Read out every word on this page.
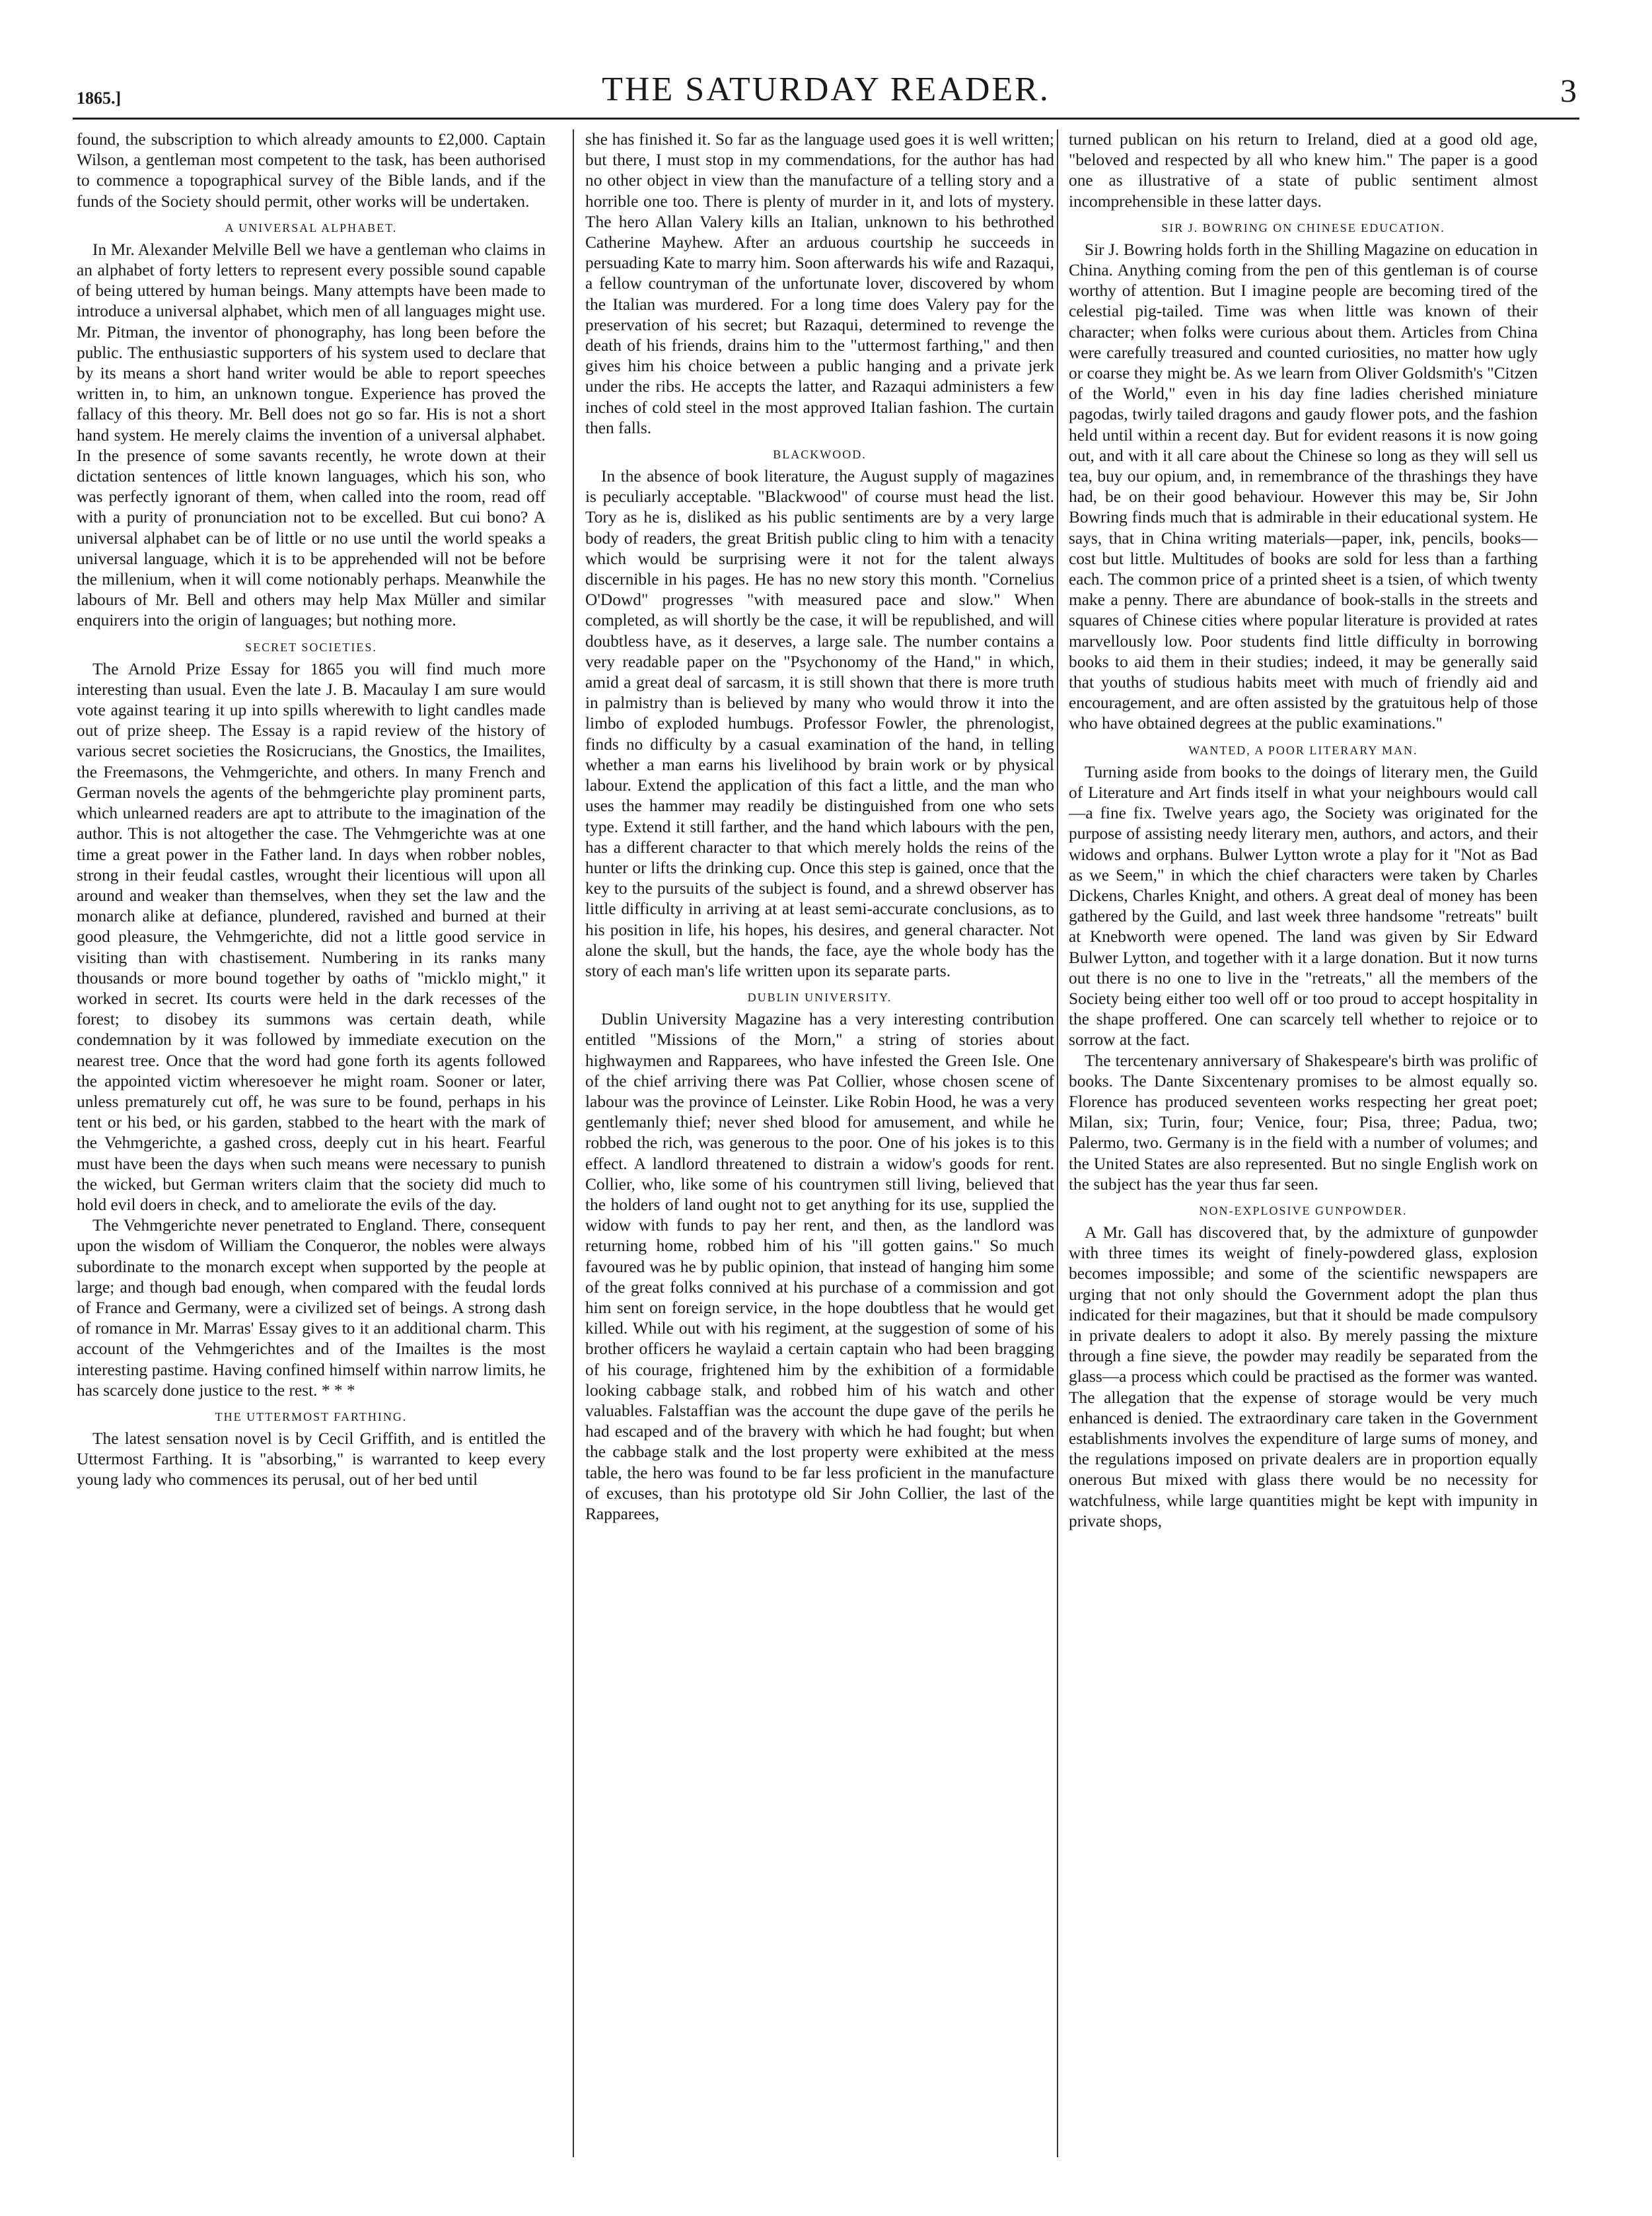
1865.]	THE SATURDAY READER.	3

found, the subscription to which already amounts to £2,000. Captain Wilson, a gentleman most competent to the task, has been authorised to commence a topographical survey of the Bible lands, and if the funds of the Society should permit, other works will be undertaken.

A UNIVERSAL ALPHABET.

In Mr. Alexander Melville Bell we have a gentleman who claims in an alphabet of forty letters to represent every possible sound capable of being uttered by human beings. Many attempts have been made to introduce a universal alphabet, which men of all languages might use. Mr. Pitman, the inventor of phonography, has long been before the public. The enthusiastic supporters of his system used to declare that by its means a short hand writer would be able to report speeches written in, to him, an unknown tongue. Experience has proved the fallacy of this theory. Mr. Bell does not go so far. His is not a short hand system. He merely claims the invention of a universal alphabet. In the presence of some savants recently, he wrote down at their dictation sentences of little known languages, which his son, who was perfectly ignorant of them, when called into the room, read off with a purity of pronunciation not to be excelled. But cui bono? A universal alphabet can be of little or no use until the world speaks a universal language, which it is to be apprehended will not be before the millenium, when it will come notionably perhaps. Meanwhile the labours of Mr. Bell and others may help Max Müller and similar enquirers into the origin of languages; but nothing more.

SECRET SOCIETIES.

The Arnold Prize Essay for 1865 you will find much more interesting than usual. Even the late J. B. Macaulay I am sure would vote against tearing it up into spills wherewith to light candles made out of prize sheep. The Essay is a rapid review of the history of various secret societies the Rosicrucians, the Gnostics, the Imailites, the Freemasons, the Vehmgerichte, and others. In many French and German novels the agents of the behmgerichte play prominent parts, which unlearned readers are apt to attribute to the imagination of the author. This is not altogether the case. The Vehmgerichte was at one time a great power in the Father land. In days when robber nobles, strong in their feudal castles, wrought their licentious will upon all around and weaker than themselves, when they set the law and the monarch alike at defiance, plundered, ravished and burned at their good pleasure, the Vehmgerichte, did not a little good service in visiting than with chastisement. Numbering in its ranks many thousands or more bound together by oaths of "micklo might," it worked in secret. Its courts were held in the dark recesses of the forest; to disobey its summons was certain death, while condemnation by it was followed by immediate execution on the nearest tree. Once that the word had gone forth its agents followed the appointed victim wheresoever he might roam. Sooner or later, unless prematurely cut off, he was sure to be found, perhaps in his tent or his bed, or his garden, stabbed to the heart with the mark of the Vehmgerichte, a gashed cross, deeply cut in his heart. Fearful must have been the days when such means were necessary to punish the wicked, but German writers claim that the society did much to hold evil doers in check, and to ameliorate the evils of the day.

The Vehmgerichte never penetrated to England. There, consequent upon the wisdom of William the Conqueror, the nobles were always subordinate to the monarch except when supported by the people at large; and though bad enough, when compared with the feudal lords of France and Germany, were a civilized set of beings. A strong dash of romance in Mr. Marras' Essay gives to it an additional charm. This account of the Vehmgerichtes and of the Imailtes is the most interesting pastime. Having confined himself within narrow limits, he has scarcely done justice to the rest. * * *

THE UTTERMOST FARTHING.

The latest sensation novel is by Cecil Griffith, and is entitled the Uttermost Farthing. It is "absorbing," is warranted to keep every young lady who commences its perusal, out of her bed until

she has finished it. So far as the language used goes it is well written; but there, I must stop in my commendations, for the author has had no other object in view than the manufacture of a telling story and a horrible one too. There is plenty of murder in it, and lots of mystery. The hero Allan Valery kills an Italian, unknown to his bethrothed Catherine Mayhew. After an arduous courtship he succeeds in persuading Kate to marry him. Soon afterwards his wife and Razaqui, a fellow countryman of the unfortunate lover, discovered by whom the Italian was murdered. For a long time does Valery pay for the preservation of his secret; but Razaqui, determined to revenge the death of his friends, drains him to the "uttermost farthing," and then gives him his choice between a public hanging and a private jerk under the ribs. He accepts the latter, and Razaqui administers a few inches of cold steel in the most approved Italian fashion. The curtain then falls.

BLACKWOOD.

In the absence of book literature, the August supply of magazines is peculiarly acceptable. "Blackwood" of course must head the list. Tory as he is, disliked as his public sentiments are by a very large body of readers, the great British public cling to him with a tenacity which would be surprising were it not for the talent always discernible in his pages. He has no new story this month. "Cornelius O'Dowd" progresses "with measured pace and slow." When completed, as will shortly be the case, it will be republished, and will doubtless have, as it deserves, a large sale. The number contains a very readable paper on the "Psychonomy of the Hand," in which, amid a great deal of sarcasm, it is still shown that there is more truth in palmistry than is believed by many who would throw it into the limbo of exploded humbugs. Professor Fowler, the phrenologist, finds no difficulty by a casual examination of the hand, in telling whether a man earns his livelihood by brain work or by physical labour. Extend the application of this fact a little, and the man who uses the hammer may readily be distinguished from one who sets type. Extend it still farther, and the hand which labours with the pen, has a different character to that which merely holds the reins of the hunter or lifts the drinking cup. Once this step is gained, once that the key to the pursuits of the subject is found, and a shrewd observer has little difficulty in arriving at at least semi-accurate conclusions, as to his position in life, his hopes, his desires, and general character. Not alone the skull, but the hands, the face, aye the whole body has the story of each man's life written upon its separate parts.

DUBLIN UNIVERSITY.

Dublin University Magazine has a very interesting contribution entitled "Missions of the Morn," a string of stories about highwaymen and Rapparees, who have infested the Green Isle. One of the chief arriving there was Pat Collier, whose chosen scene of labour was the province of Leinster. Like Robin Hood, he was a very gentlemanly thief; never shed blood for amusement, and while he robbed the rich, was generous to the poor. One of his jokes is to this effect. A landlord threatened to distrain a widow's goods for rent. Collier, who, like some of his countrymen still living, believed that the holders of land ought not to get anything for its use, supplied the widow with funds to pay her rent, and then, as the landlord was returning home, robbed him of his "ill gotten gains." So much favoured was he by public opinion, that instead of hanging him some of the great folks connived at his purchase of a commission and got him sent on foreign service, in the hope doubtless that he would get killed. While out with his regiment, at the suggestion of some of his brother officers he waylaid a certain captain who had been bragging of his courage, frightened him by the exhibition of a formidable looking cabbage stalk, and robbed him of his watch and other valuables. Falstaffian was the account the dupe gave of the perils he had escaped and of the bravery with which he had fought; but when the cabbage stalk and the lost property were exhibited at the mess table, the hero was found to be far less proficient in the manufacture of excuses, than his prototype old Sir John Collier, the last of the Rapparees,

turned publican on his return to Ireland, died at a good old age, "beloved and respected by all who knew him." The paper is a good one as illustrative of a state of public sentiment almost incomprehensible in these latter days.

SIR J. BOWRING ON CHINESE EDUCATION.

Sir J. Bowring holds forth in the Shilling Magazine on education in China. Anything coming from the pen of this gentleman is of course worthy of attention. But I imagine people are becoming tired of the celestial pig-tailed. Time was when little was known of their character; when folks were curious about them. Articles from China were carefully treasured and counted curiosities, no matter how ugly or coarse they might be. As we learn from Oliver Goldsmith's "Citzen of the World," even in his day fine ladies cherished miniature pagodas, twirly tailed dragons and gaudy flower pots, and the fashion held until within a recent day. But for evident reasons it is now going out, and with it all care about the Chinese so long as they will sell us tea, buy our opium, and, in remembrance of the thrashings they have had, be on their good behaviour. However this may be, Sir John Bowring finds much that is admirable in their educational system. He says, that in China writing materials—paper, ink, pencils, books—cost but little. Multitudes of books are sold for less than a farthing each. The common price of a printed sheet is a tsien, of which twenty make a penny. There are abundance of book-stalls in the streets and squares of Chinese cities where popular literature is provided at rates marvellously low. Poor students find little difficulty in borrowing books to aid them in their studies; indeed, it may be generally said that youths of studious habits meet with much of friendly aid and encouragement, and are often assisted by the gratuitous help of those who have obtained degrees at the public examinations."

WANTED, A POOR LITERARY MAN.

Turning aside from books to the doings of literary men, the Guild of Literature and Art finds itself in what your neighbours would call—a fine fix. Twelve years ago, the Society was originated for the purpose of assisting needy literary men, authors, and actors, and their widows and orphans. Bulwer Lytton wrote a play for it "Not as Bad as we Seem," in which the chief characters were taken by Charles Dickens, Charles Knight, and others. A great deal of money has been gathered by the Guild, and last week three handsome "retreats" built at Knebworth were opened. The land was given by Sir Edward Bulwer Lytton, and together with it a large donation. But it now turns out there is no one to live in the "retreats," all the members of the Society being either too well off or too proud to accept hospitality in the shape proffered. One can scarcely tell whether to rejoice or to sorrow at the fact.

The tercentenary anniversary of Shakespeare's birth was prolific of books. The Dante Sixcentenary promises to be almost equally so. Florence has produced seventeen works respecting her great poet; Milan, six; Turin, four; Venice, four; Pisa, three; Padua, two; Palermo, two. Germany is in the field with a number of volumes; and the United States are also represented. But no single English work on the subject has the year thus far seen.

NON-EXPLOSIVE GUNPOWDER.

A Mr. Gall has discovered that, by the admixture of gunpowder with three times its weight of finely-powdered glass, explosion becomes impossible; and some of the scientific newspapers are urging that not only should the Government adopt the plan thus indicated for their magazines, but that it should be made compulsory in private dealers to adopt it also. By merely passing the mixture through a fine sieve, the powder may readily be separated from the glass—a process which could be practised as the former was wanted. The allegation that the expense of storage would be very much enhanced is denied. The extraordinary care taken in the Government establishments involves the expenditure of large sums of money, and the regulations imposed on private dealers are in proportion equally onerous But mixed with glass there would be no necessity for watchfulness, while large quantities might be kept with impunity in private shops,
